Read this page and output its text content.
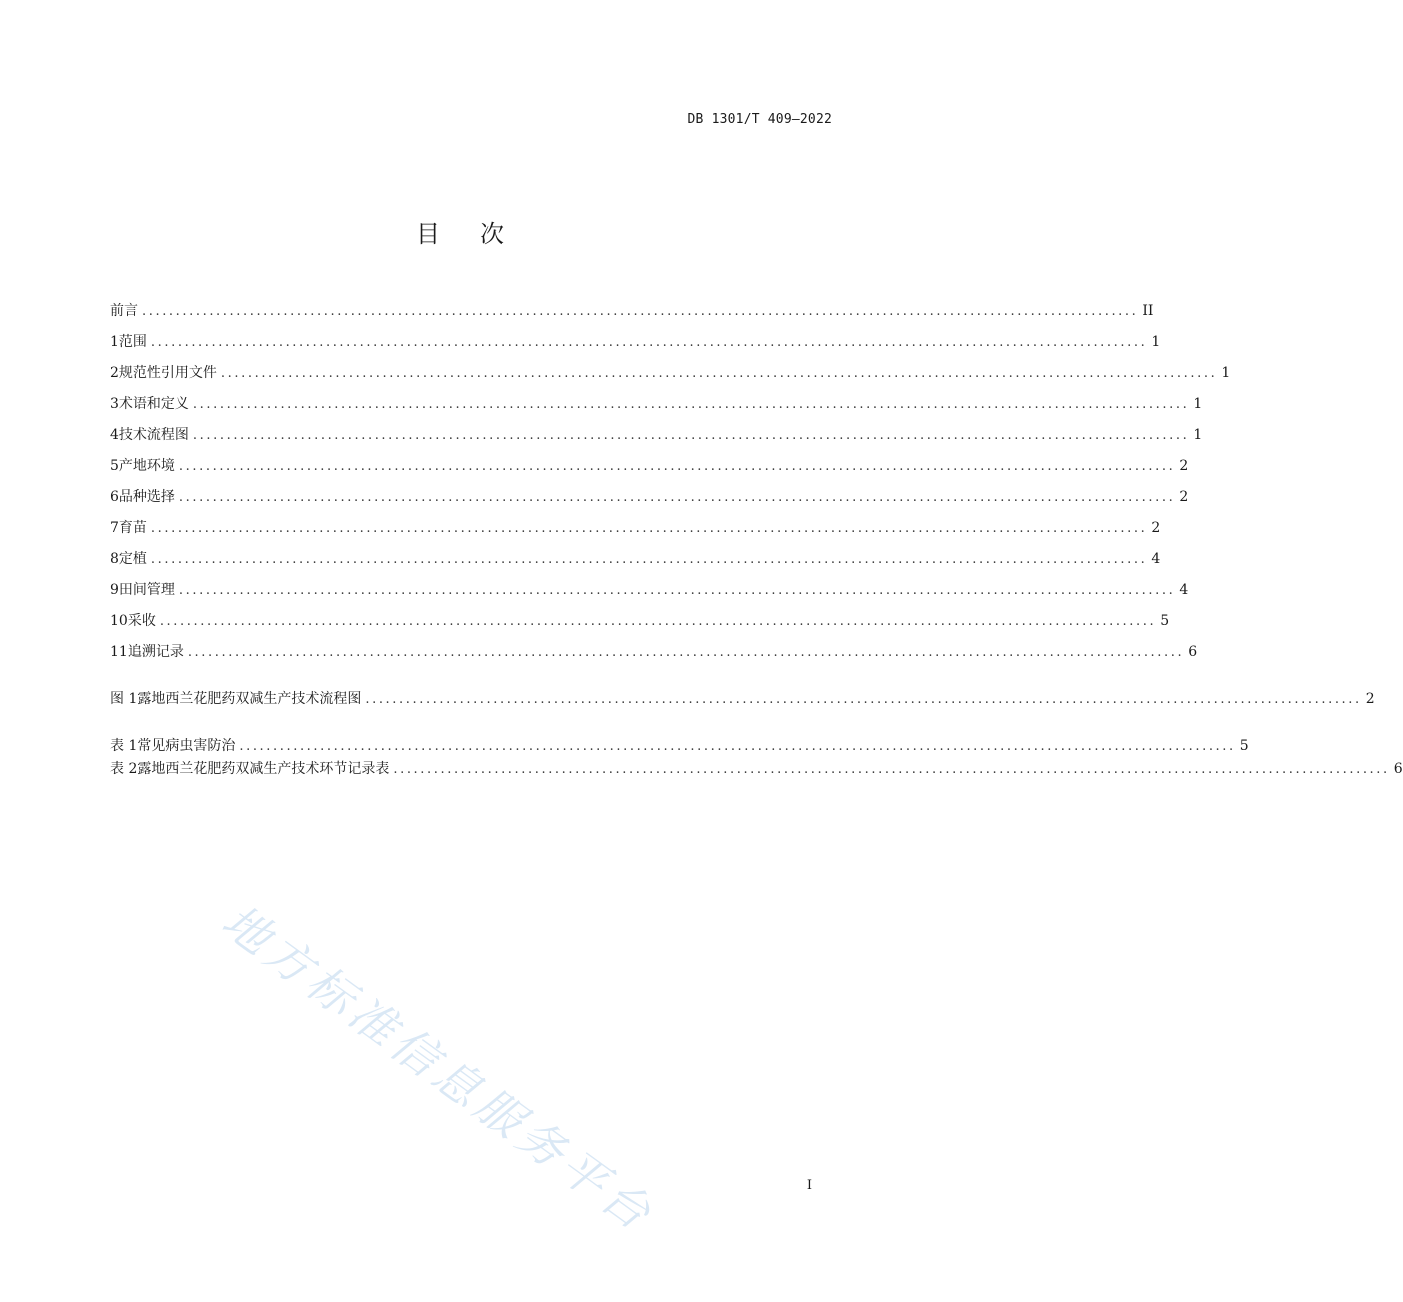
DB 1301/T 409—2022
目次
前言 .................................................................................................................................................... II
1 范围 .................................................................................................................................................... 1
2 规范性引用文件 .................................................................................................................................................... 1
3 术语和定义 .................................................................................................................................................... 1
4 技术流程图 .................................................................................................................................................... 1
5 产地环境 .................................................................................................................................................... 2
6 品种选择 .................................................................................................................................................... 2
7 育苗 .................................................................................................................................................... 2
8 定植 .................................................................................................................................................... 4
9 田间管理 .................................................................................................................................................... 4
10 采收 .................................................................................................................................................... 5
11 追溯记录 .................................................................................................................................................... 6
图 1 露地西兰花肥药双减生产技术流程图 .................................................................................................................................................... 2
表 1 常见病虫害防治 .................................................................................................................................................... 5
表 2 露地西兰花肥药双减生产技术环节记录表 .................................................................................................................................................... 6
地方标准信息服务平台	I
